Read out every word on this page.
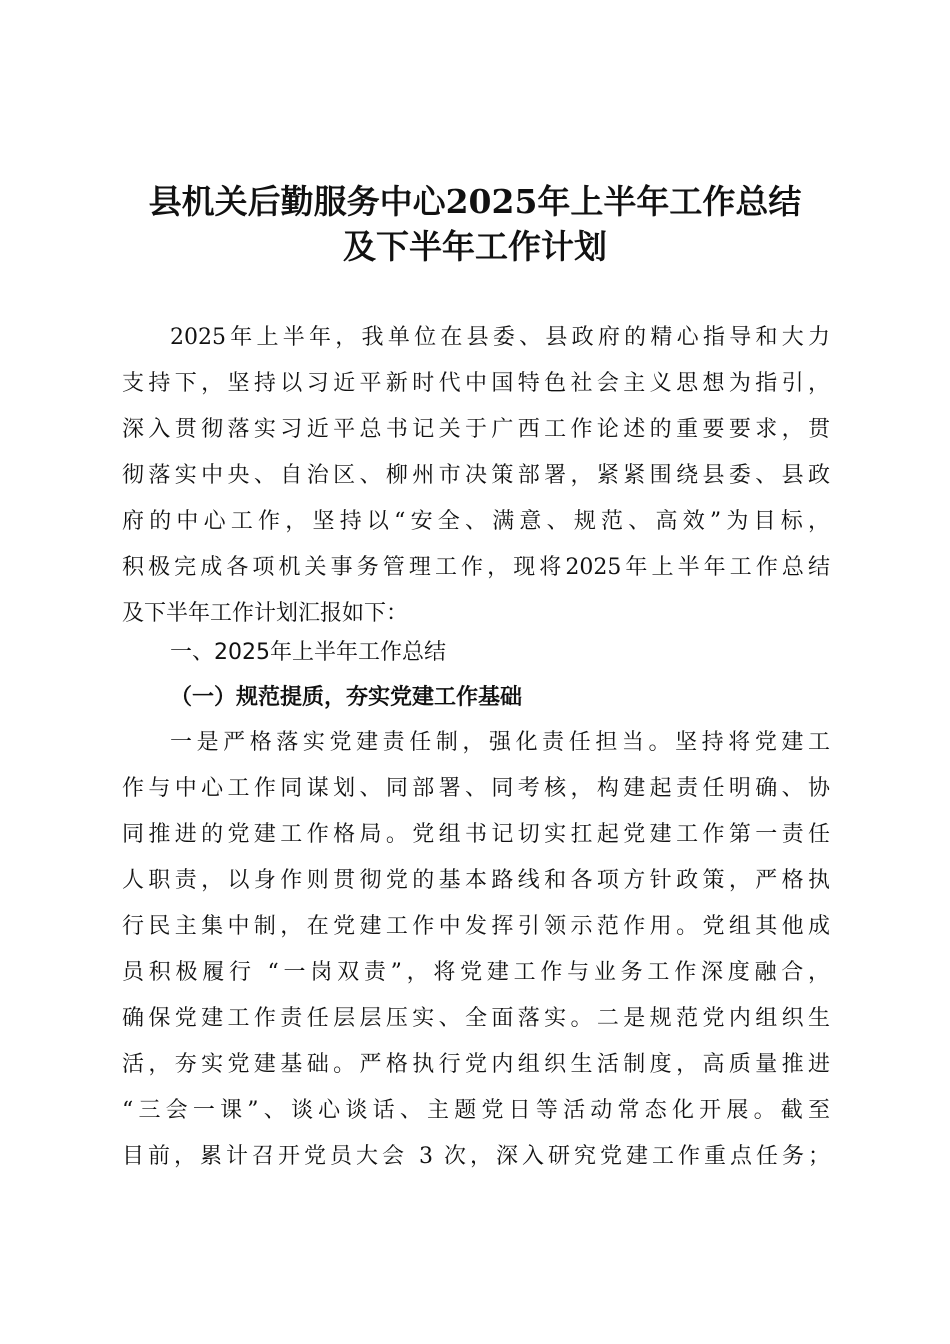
县机关后勤服务中心2025年上半年工作总结
及下半年工作计划
2025年上半年，我单位在县委、县政府的精心指导和大力
支持下，坚持以习近平新时代中国特色社会主义思想为指引，
深入贯彻落实习近平总书记关于广西工作论述的重要要求，贯
彻落实中央、自治区、柳州市决策部署，紧紧围绕县委、县政
府的中心工作，坚持以“安全、满意、规范、高效”为目标，
积极完成各项机关事务管理工作，现将2025年上半年工作总结
及下半年工作计划汇报如下：
一、2025年上半年工作总结
（一）规范提质，夯实党建工作基础
一是严格落实党建责任制，强化责任担当。坚持将党建工
作与中心工作同谋划、同部署、同考核，构建起责任明确、协
同推进的党建工作格局。党组书记切实扛起党建工作第一责任
人职责，以身作则贯彻党的基本路线和各项方针政策，严格执
行民主集中制，在党建工作中发挥引领示范作用。党组其他成
员积极履行 “一岗双责”，将党建工作与业务工作深度融合，
确保党建工作责任层层压实、全面落实。二是规范党内组织生
活，夯实党建基础。严格执行党内组织生活制度，高质量推进
“三会一课”、谈心谈话、主题党日等活动常态化开展。截至
目前，累计召开党员大会 3 次，深入研究党建工作重点任务；
